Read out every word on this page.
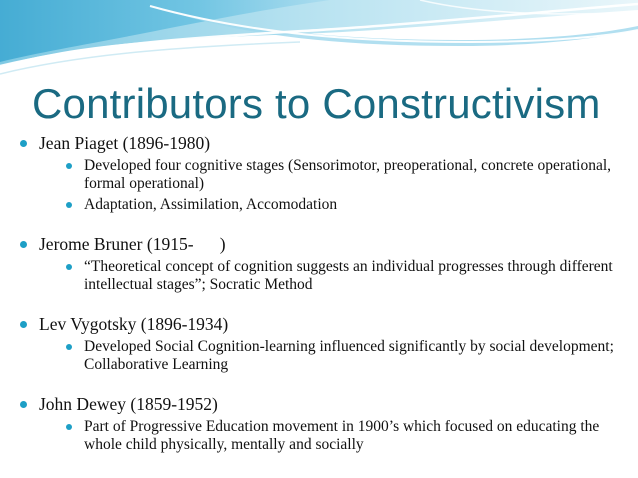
Contributors to Constructivism
Jean Piaget (1896-1980)
Developed four cognitive stages (Sensorimotor, preoperational, concrete operational, formal operational)
Adaptation, Assimilation, Accomodation
Jerome Bruner (1915-      )
“Theoretical concept of cognition suggests an individual progresses through different intellectual stages”; Socratic Method
Lev Vygotsky (1896-1934)
Developed Social Cognition-learning influenced significantly by social development; Collaborative Learning
John Dewey (1859-1952)
Part of Progressive Education movement in 1900’s which focused on educating the whole child physically, mentally and socially
